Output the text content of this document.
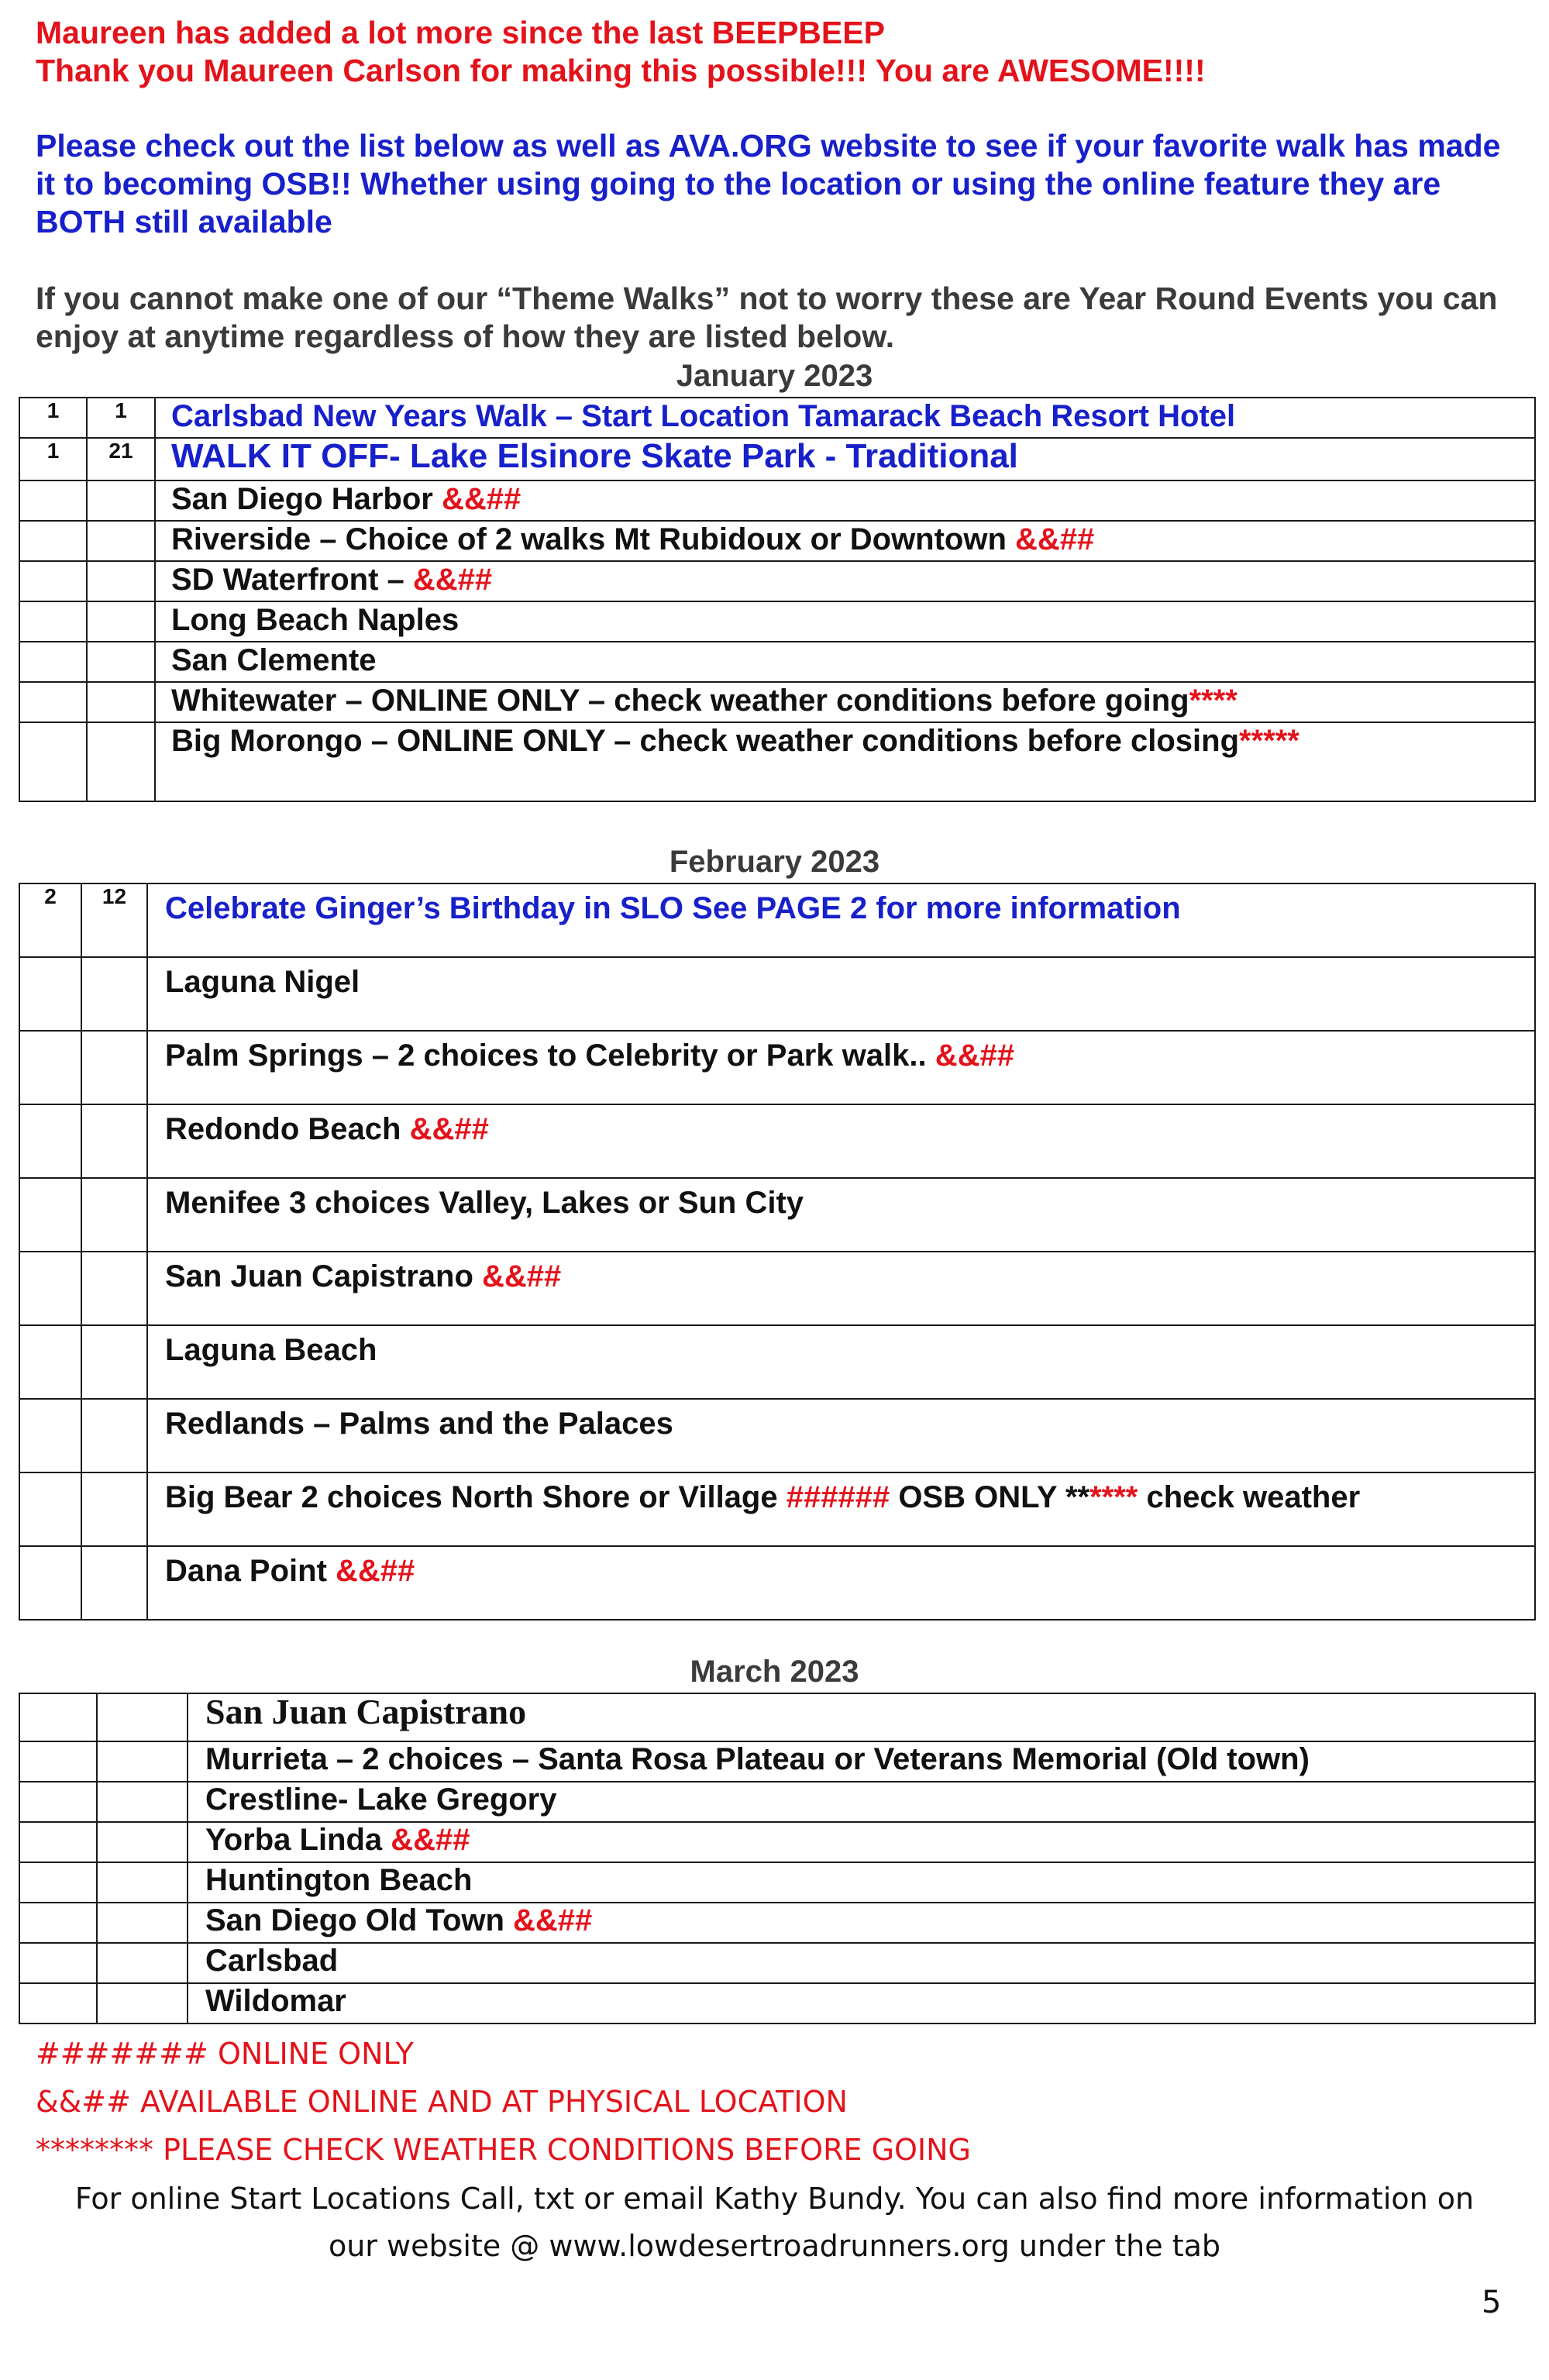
Maureen has added a lot more since the last BEEPBEEP
Thank you Maureen Carlson for making this possible!!! You are AWESOME!!!!
Please check out the list below as well as AVA.ORG website to see if your favorite walk has made it to becoming OSB!! Whether using going to the location or using the online feature they are BOTH still available
If you cannot make one of our “Theme Walks” not to worry these are Year Round Events you can enjoy at anytime regardless of how they are listed below.
January 2023
1	1	Carlsbad New Years Walk – Start Location Tamarack Beach Resort Hotel
1	21	WALK IT OFF- Lake Elsinore Skate Park - Traditional
		San Diego Harbor &&##
		Riverside – Choice of 2 walks Mt Rubidoux or Downtown &&##
		SD Waterfront – &&##
		Long Beach Naples
		San Clemente
		Whitewater – ONLINE ONLY – check weather conditions before going****
		Big Morongo – ONLINE ONLY – check weather conditions before closing*****
February 2023
2	12	Celebrate Ginger’s Birthday in SLO See PAGE 2 for more information
		Laguna Nigel
		Palm Springs – 2 choices to Celebrity or Park walk.. &&##
		Redondo Beach &&##
		Menifee 3 choices Valley, Lakes or Sun City
		San Juan Capistrano &&##
		Laguna Beach
		Redlands – Palms and the Palaces
		Big Bear 2 choices North Shore or Village ###### OSB ONLY ****** check weather
		Dana Point &&##
March 2023
		San Juan Capistrano
		Murrieta – 2 choices – Santa Rosa Plateau or Veterans Memorial (Old town)
		Crestline- Lake Gregory
		Yorba Linda &&##
		Huntington Beach
		San Diego Old Town &&##
		Carlsbad
		Wildomar
####### ONLINE ONLY
&&## AVAILABLE ONLINE AND AT PHYSICAL LOCATION
******** PLEASE CHECK WEATHER CONDITIONS BEFORE GOING
For online Start Locations Call, txt or email Kathy Bundy. You can also find more information on
our website @ www.lowdesertroadrunners.org under the tab
5
